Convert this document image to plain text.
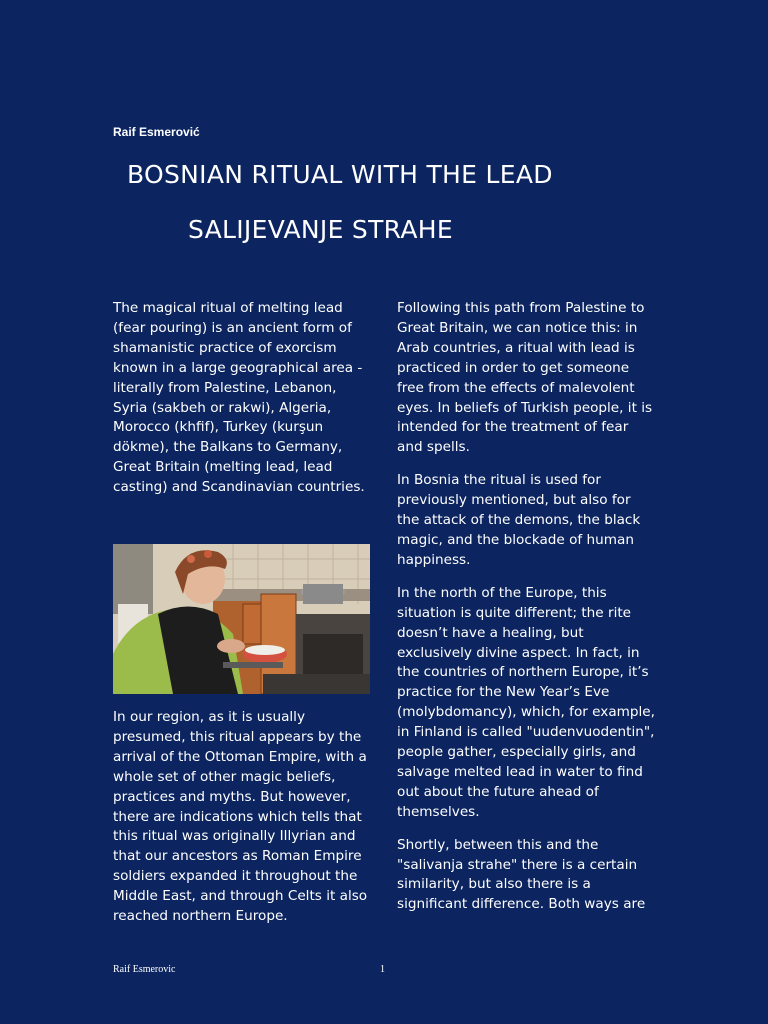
Raif Esmerović
BOSNIAN RITUAL WITH THE LEAD
SALIJEVANJE STRAHE

The magical ritual of melting lead
(fear pouring) is an ancient form of
shamanistic practice of exorcism
known in a large geographical area -
literally from Palestine, Lebanon,
Syria (sakbeh or rakwi), Algeria,
Morocco (khfif), Turkey (kurşun
dökme), the Balkans to Germany,
Great Britain (melting lead, lead
casting) and Scandinavian countries.

In our region, as it is usually
presumed, this ritual appears by the
arrival of the Ottoman Empire, with a
whole set of other magic beliefs,
practices and myths. But however,
there are indications which tells that
this ritual was originally Illyrian and
that our ancestors as Roman Empire
soldiers expanded it throughout the
Middle East, and through Celts it also
reached northern Europe.

Following this path from Palestine to
Great Britain, we can notice this: in
Arab countries, a ritual with lead is
practiced in order to get someone
free from the effects of malevolent
eyes. In beliefs of Turkish people, it is
intended for the treatment of fear
and spells.

In Bosnia the ritual is used for
previously mentioned, but also for
the attack of the demons, the black
magic, and the blockade of human
happiness.

In the north of the Europe, this
situation is quite different; the rite
doesn’t have a healing, but
exclusively divine aspect. In fact, in
the countries of northern Europe, it’s
practice for the New Year’s Eve
(molybdomancy), which, for example,
in Finland is called "uudenvuodentin",
people gather, especially girls, and
salvage melted lead in water to find
out about the future ahead of
themselves.

Shortly, between this and the
"salivanja strahe" there is a certain
similarity, but also there is a
significant difference. Both ways are

Raif Esmerovic	1
